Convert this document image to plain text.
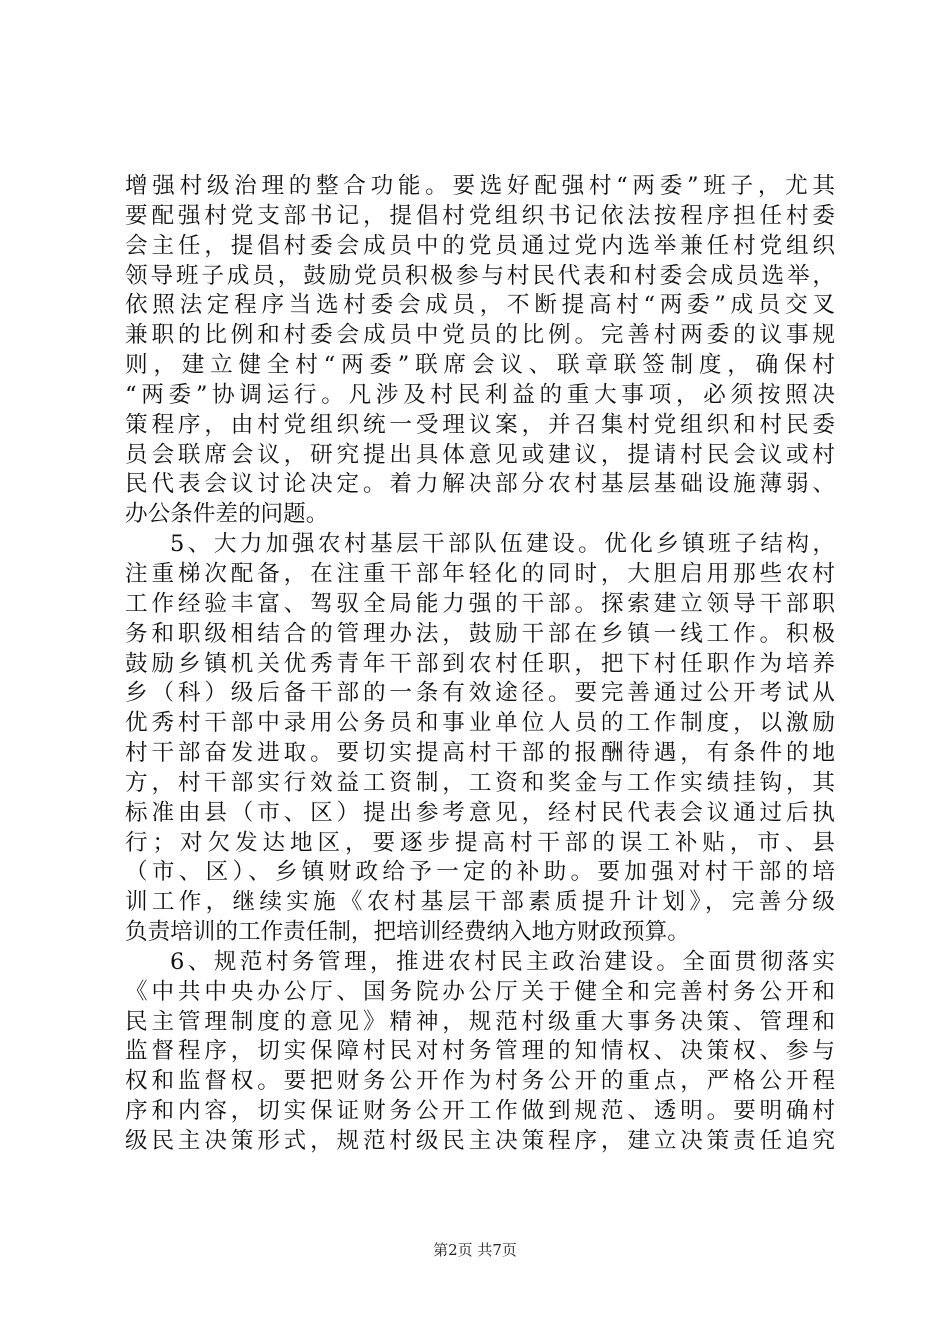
增强村级治理的整合功能。要选好配强村“两委”班子，尤其
要配强村党支部书记，提倡村党组织书记依法按程序担任村委
会主任，提倡村委会成员中的党员通过党内选举兼任村党组织
领导班子成员，鼓励党员积极参与村民代表和村委会成员选举，
依照法定程序当选村委会成员，不断提高村“两委”成员交叉
兼职的比例和村委会成员中党员的比例。完善村两委的议事规
则，建立健全村“两委”联席会议、联章联签制度，确保村
“两委”协调运行。凡涉及村民利益的重大事项，必须按照决
策程序，由村党组织统一受理议案，并召集村党组织和村民委
员会联席会议，研究提出具体意见或建议，提请村民会议或村
民代表会议讨论决定。着力解决部分农村基层基础设施薄弱、
办公条件差的问题。
5、大力加强农村基层干部队伍建设。优化乡镇班子结构，
注重梯次配备，在注重干部年轻化的同时，大胆启用那些农村
工作经验丰富、驾驭全局能力强的干部。探索建立领导干部职
务和职级相结合的管理办法，鼓励干部在乡镇一线工作。积极
鼓励乡镇机关优秀青年干部到农村任职，把下村任职作为培养
乡（科）级后备干部的一条有效途径。要完善通过公开考试从
优秀村干部中录用公务员和事业单位人员的工作制度，以激励
村干部奋发进取。要切实提高村干部的报酬待遇，有条件的地
方，村干部实行效益工资制，工资和奖金与工作实绩挂钩，其
标准由县（市、区）提出参考意见，经村民代表会议通过后执
行；对欠发达地区，要逐步提高村干部的误工补贴，市、县
（市、区）、乡镇财政给予一定的补助。要加强对村干部的培
训工作，继续实施《农村基层干部素质提升计划》，完善分级
负责培训的工作责任制，把培训经费纳入地方财政预算。
6、规范村务管理，推进农村民主政治建设。全面贯彻落实
《中共中央办公厅、国务院办公厅关于健全和完善村务公开和
民主管理制度的意见》精神，规范村级重大事务决策、管理和
监督程序，切实保障村民对村务管理的知情权、决策权、参与
权和监督权。要把财务公开作为村务公开的重点，严格公开程
序和内容，切实保证财务公开工作做到规范、透明。要明确村
级民主决策形式，规范村级民主决策程序，建立决策责任追究
第2页 共7页
